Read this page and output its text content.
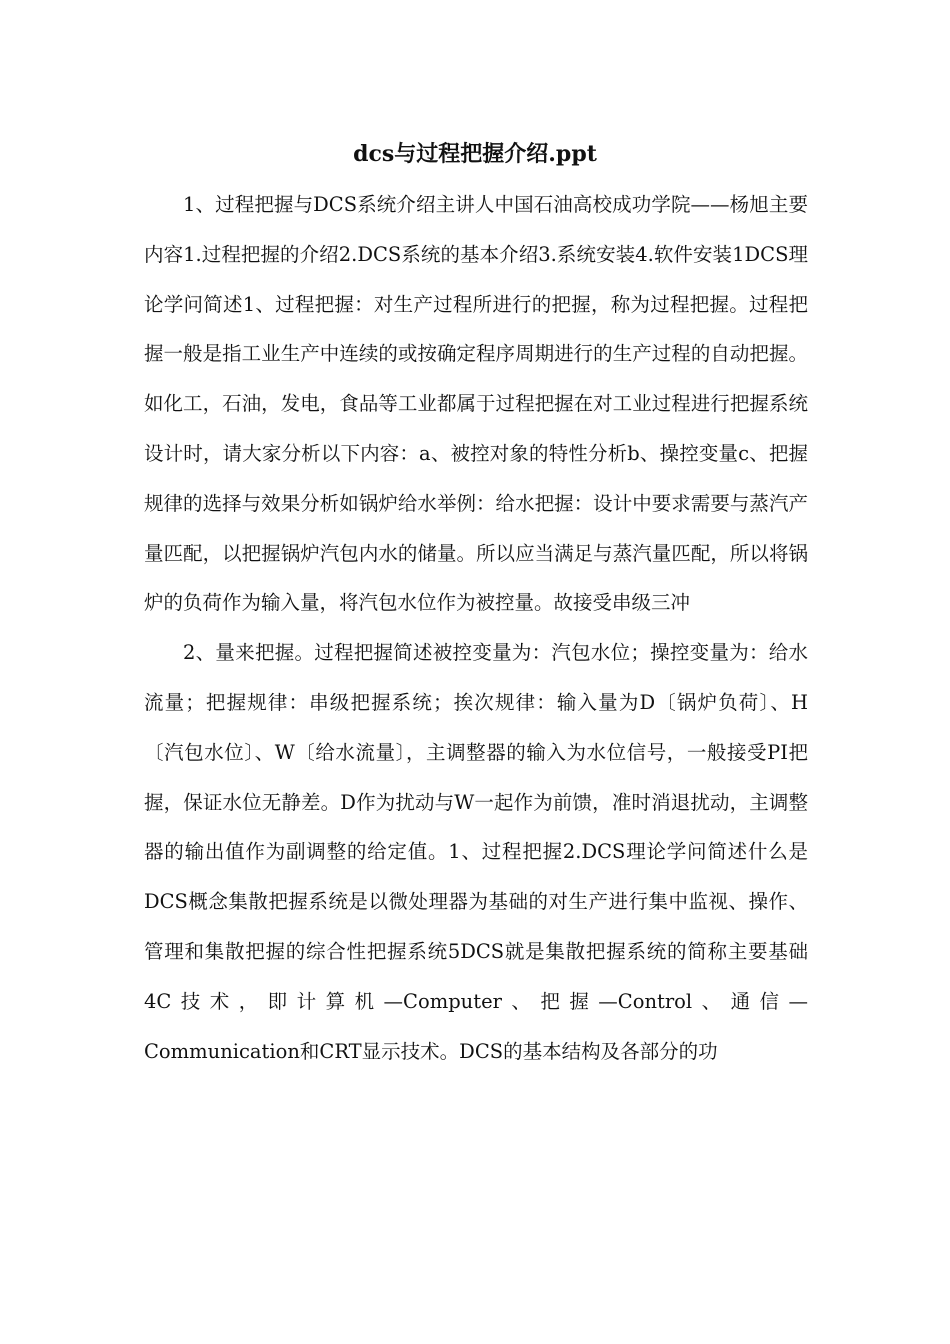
dcs与过程把握介绍.ppt

1、过程把握与DCS系统介绍主讲人中国石油高校成功学院——杨旭主要内容1.过程把握的介绍2.DCS系统的基本介绍3.系统安装4.软件安装1DCS理论学问简述1、过程把握：对生产过程所进行的把握，称为过程把握。过程把握一般是指工业生产中连续的或按确定程序周期进行的生产过程的自动把握。如化工，石油，发电，食品等工业都属于过程把握在对工业过程进行把握系统设计时，请大家分析以下内容：a、被控对象的特性分析b、操控变量c、把握规律的选择与效果分析如锅炉给水举例：给水把握：设计中要求需要与蒸汽产量匹配，以把握锅炉汽包内水的储量。所以应当满足与蒸汽量匹配，所以将锅炉的负荷作为输入量，将汽包水位作为被控量。故接受串级三冲

2、量来把握。过程把握简述被控变量为：汽包水位；操控变量为：给水流量；把握规律：串级把握系统；挨次规律：输入量为D〔锅炉负荷〕、H〔汽包水位〕、W〔给水流量〕，主调整器的输入为水位信号，一般接受PI把握，保证水位无静差。D作为扰动与W一起作为前馈，准时消退扰动，主调整器的输出值作为副调整的给定值。1、过程把握2.DCS理论学问简述什么是DCS概念集散把握系统是以微处理器为基础的对生产进行集中监视、操作、管理和集散把握的综合性把握系统5DCS就是集散把握系统的简称主要基础4C技术，即计算机—Computer、把握—Control、通信—Communication和CRT显示技术。DCS的基本结构及各部分的功
